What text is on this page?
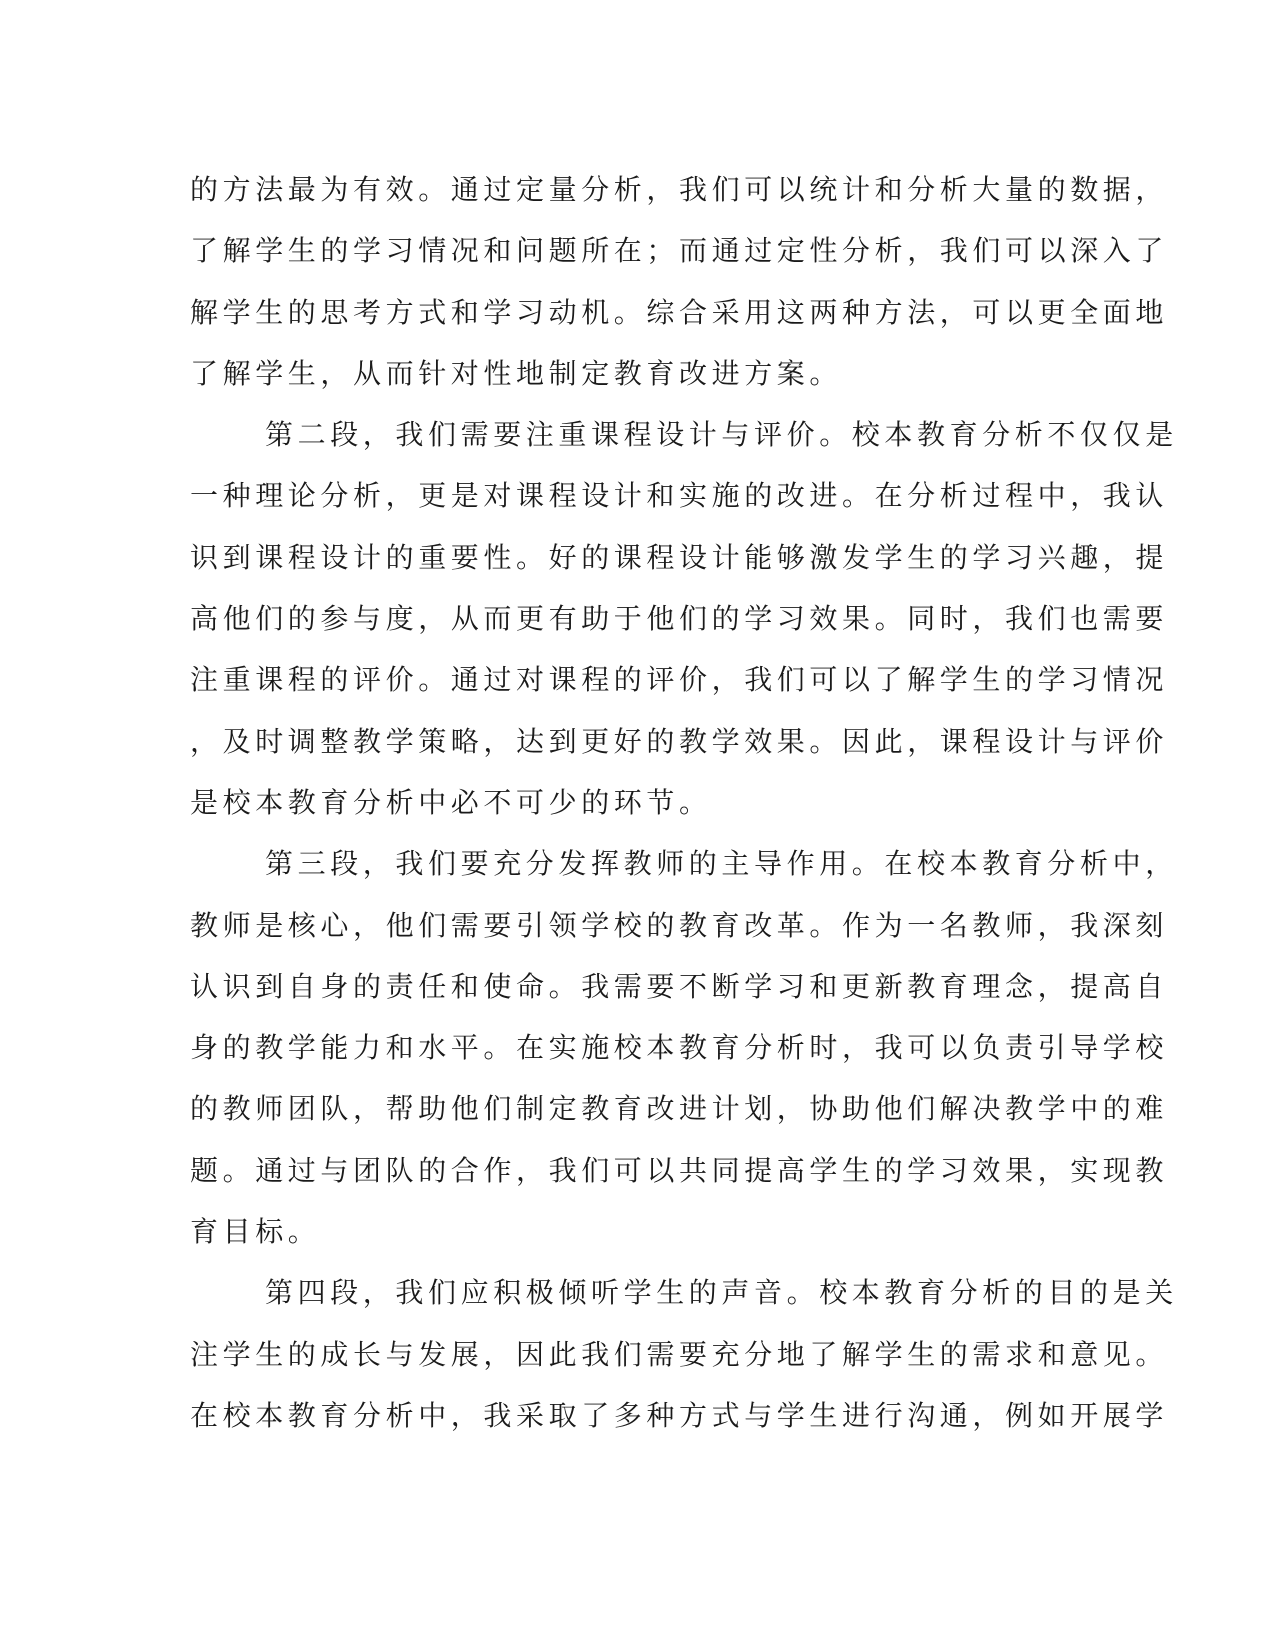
的方法最为有效。通过定量分析，我们可以统计和分析大量的数据，
了解学生的学习情况和问题所在；而通过定性分析，我们可以深入了
解学生的思考方式和学习动机。综合采用这两种方法，可以更全面地
了解学生，从而针对性地制定教育改进方案。
第二段，我们需要注重课程设计与评价。校本教育分析不仅仅是
一种理论分析，更是对课程设计和实施的改进。在分析过程中，我认
识到课程设计的重要性。好的课程设计能够激发学生的学习兴趣，提
高他们的参与度，从而更有助于他们的学习效果。同时，我们也需要
注重课程的评价。通过对课程的评价，我们可以了解学生的学习情况
，及时调整教学策略，达到更好的教学效果。因此，课程设计与评价
是校本教育分析中必不可少的环节。
第三段，我们要充分发挥教师的主导作用。在校本教育分析中，
教师是核心，他们需要引领学校的教育改革。作为一名教师，我深刻
认识到自身的责任和使命。我需要不断学习和更新教育理念，提高自
身的教学能力和水平。在实施校本教育分析时，我可以负责引导学校
的教师团队，帮助他们制定教育改进计划，协助他们解决教学中的难
题。通过与团队的合作，我们可以共同提高学生的学习效果，实现教
育目标。
第四段，我们应积极倾听学生的声音。校本教育分析的目的是关
注学生的成长与发展，因此我们需要充分地了解学生的需求和意见。
在校本教育分析中，我采取了多种方式与学生进行沟通，例如开展学
